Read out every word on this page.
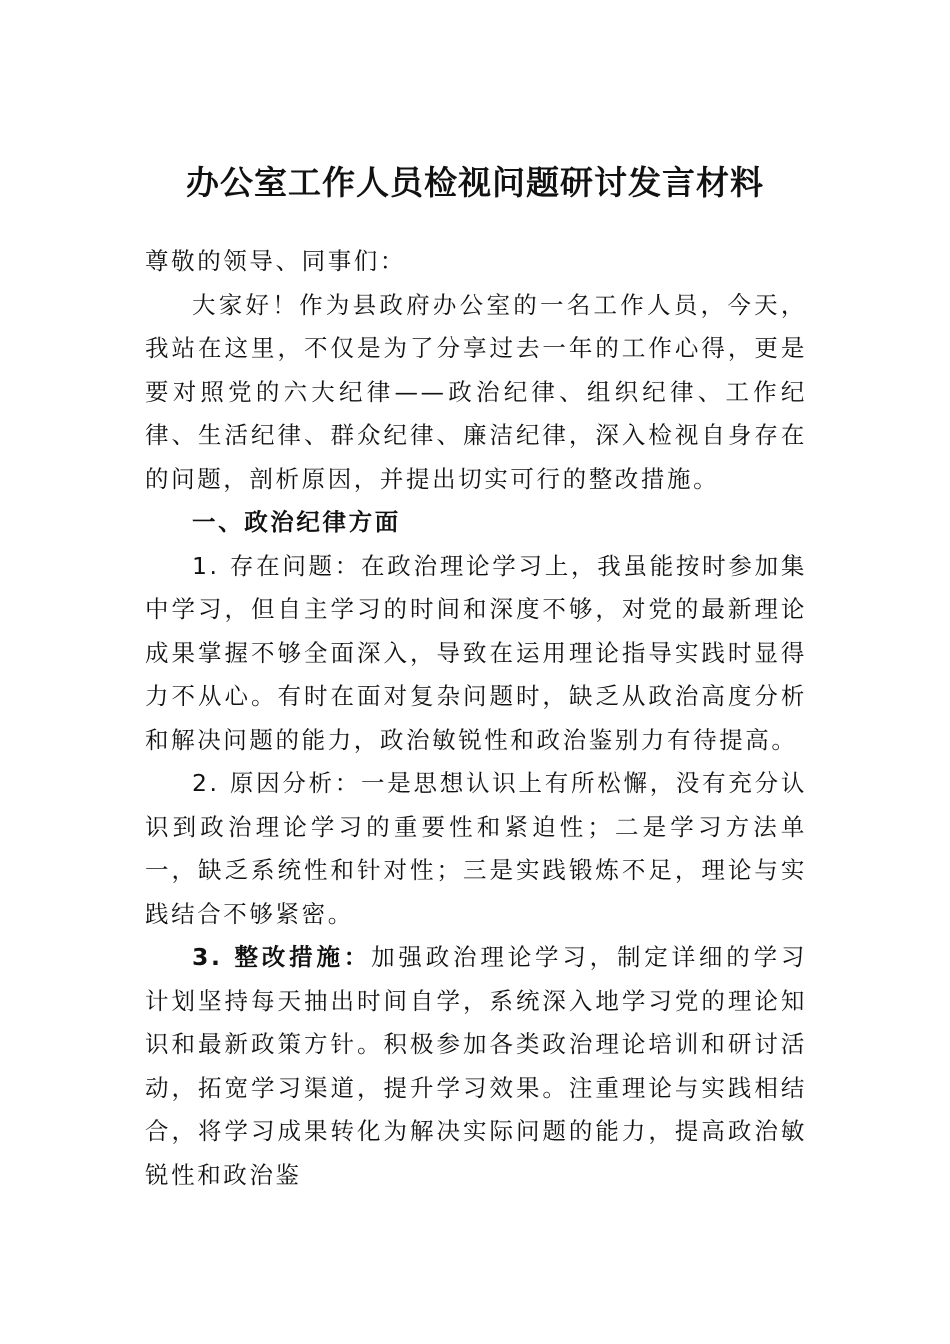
办公室工作人员检视问题研讨发言材料

尊敬的领导、同事们：

大家好！作为县政府办公室的一名工作人员，今天，我站在这里，不仅是为了分享过去一年的工作心得，更是要对照党的六大纪律——政治纪律、组织纪律、工作纪律、生活纪律、群众纪律、廉洁纪律，深入检视自身存在的问题，剖析原因，并提出切实可行的整改措施。

一、政治纪律方面

1. 存在问题：在政治理论学习上，我虽能按时参加集中学习，但自主学习的时间和深度不够，对党的最新理论成果掌握不够全面深入，导致在运用理论指导实践时显得力不从心。有时在面对复杂问题时，缺乏从政治高度分析和解决问题的能力，政治敏锐性和政治鉴别力有待提高。

2. 原因分析：一是思想认识上有所松懈，没有充分认识到政治理论学习的重要性和紧迫性；二是学习方法单一，缺乏系统性和针对性；三是实践锻炼不足，理论与实践结合不够紧密。

3. 整改措施：加强政治理论学习，制定详细的学习计划坚持每天抽出时间自学，系统深入地学习党的理论知识和最新政策方针。积极参加各类政治理论培训和研讨活动，拓宽学习渠道，提升学习效果。注重理论与实践相结合，将学习成果转化为解决实际问题的能力，提高政治敏锐性和政治鉴
